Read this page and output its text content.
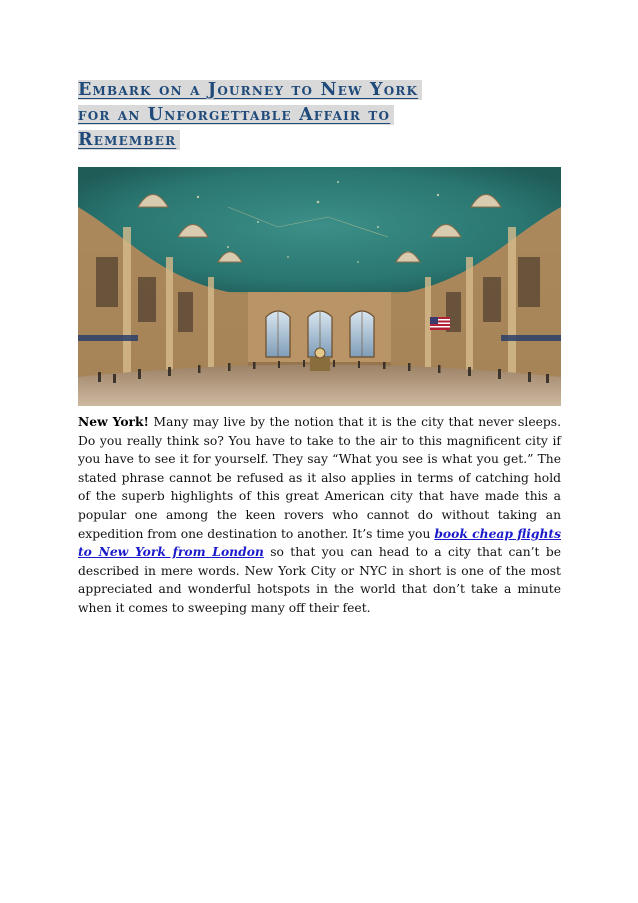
Embark on a Journey to New York
for an Unforgettable Affair to
Remember

New York! Many may live by the notion that it is the city that never sleeps. Do you really think so? You have to take to the air to this magnificent city if you have to see it for yourself. They say “What you see is what you get.” The stated phrase cannot be refused as it also applies in terms of catching hold of the superb highlights of this great American city that have made this a popular one among the keen rovers who cannot do without taking an expedition from one destination to another. It’s time you book cheap flights to New York from London so that you can head to a city that can’t be described in mere words. New York City or NYC in short is one of the most appreciated and wonderful hotspots in the world that don’t take a minute when it comes to sweeping many off their feet.
